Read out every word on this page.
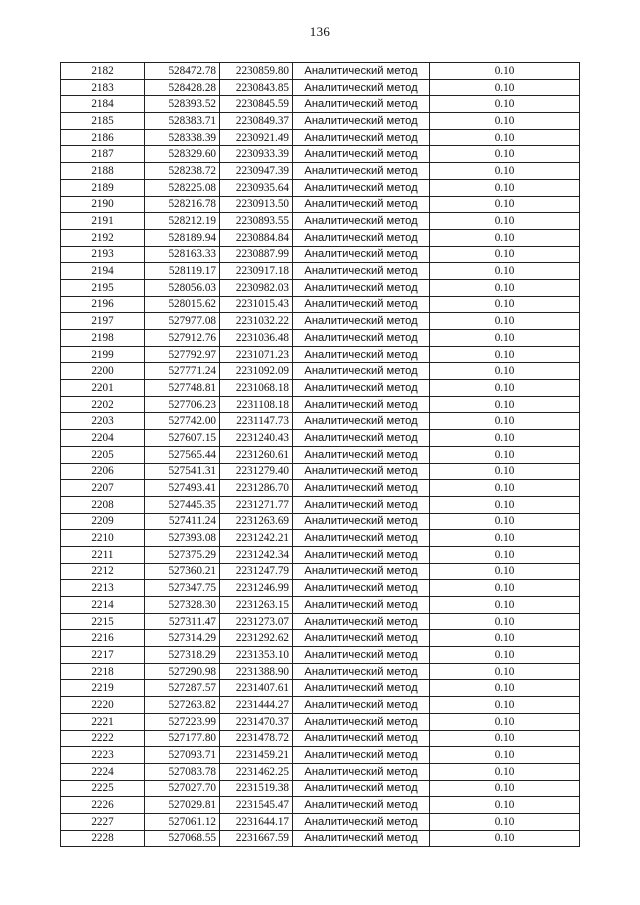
136
2182	528472.78	2230859.80	Аналитический метод	0.10
2183	528428.28	2230843.85	Аналитический метод	0.10
2184	528393.52	2230845.59	Аналитический метод	0.10
2185	528383.71	2230849.37	Аналитический метод	0.10
2186	528338.39	2230921.49	Аналитический метод	0.10
2187	528329.60	2230933.39	Аналитический метод	0.10
2188	528238.72	2230947.39	Аналитический метод	0.10
2189	528225.08	2230935.64	Аналитический метод	0.10
2190	528216.78	2230913.50	Аналитический метод	0.10
2191	528212.19	2230893.55	Аналитический метод	0.10
2192	528189.94	2230884.84	Аналитический метод	0.10
2193	528163.33	2230887.99	Аналитический метод	0.10
2194	528119.17	2230917.18	Аналитический метод	0.10
2195	528056.03	2230982.03	Аналитический метод	0.10
2196	528015.62	2231015.43	Аналитический метод	0.10
2197	527977.08	2231032.22	Аналитический метод	0.10
2198	527912.76	2231036.48	Аналитический метод	0.10
2199	527792.97	2231071.23	Аналитический метод	0.10
2200	527771.24	2231092.09	Аналитический метод	0.10
2201	527748.81	2231068.18	Аналитический метод	0.10
2202	527706.23	2231108.18	Аналитический метод	0.10
2203	527742.00	2231147.73	Аналитический метод	0.10
2204	527607.15	2231240.43	Аналитический метод	0.10
2205	527565.44	2231260.61	Аналитический метод	0.10
2206	527541.31	2231279.40	Аналитический метод	0.10
2207	527493.41	2231286.70	Аналитический метод	0.10
2208	527445.35	2231271.77	Аналитический метод	0.10
2209	527411.24	2231263.69	Аналитический метод	0.10
2210	527393.08	2231242.21	Аналитический метод	0.10
2211	527375.29	2231242.34	Аналитический метод	0.10
2212	527360.21	2231247.79	Аналитический метод	0.10
2213	527347.75	2231246.99	Аналитический метод	0.10
2214	527328.30	2231263.15	Аналитический метод	0.10
2215	527311.47	2231273.07	Аналитический метод	0.10
2216	527314.29	2231292.62	Аналитический метод	0.10
2217	527318.29	2231353.10	Аналитический метод	0.10
2218	527290.98	2231388.90	Аналитический метод	0.10
2219	527287.57	2231407.61	Аналитический метод	0.10
2220	527263.82	2231444.27	Аналитический метод	0.10
2221	527223.99	2231470.37	Аналитический метод	0.10
2222	527177.80	2231478.72	Аналитический метод	0.10
2223	527093.71	2231459.21	Аналитический метод	0.10
2224	527083.78	2231462.25	Аналитический метод	0.10
2225	527027.70	2231519.38	Аналитический метод	0.10
2226	527029.81	2231545.47	Аналитический метод	0.10
2227	527061.12	2231644.17	Аналитический метод	0.10
2228	527068.55	2231667.59	Аналитический метод	0.10
